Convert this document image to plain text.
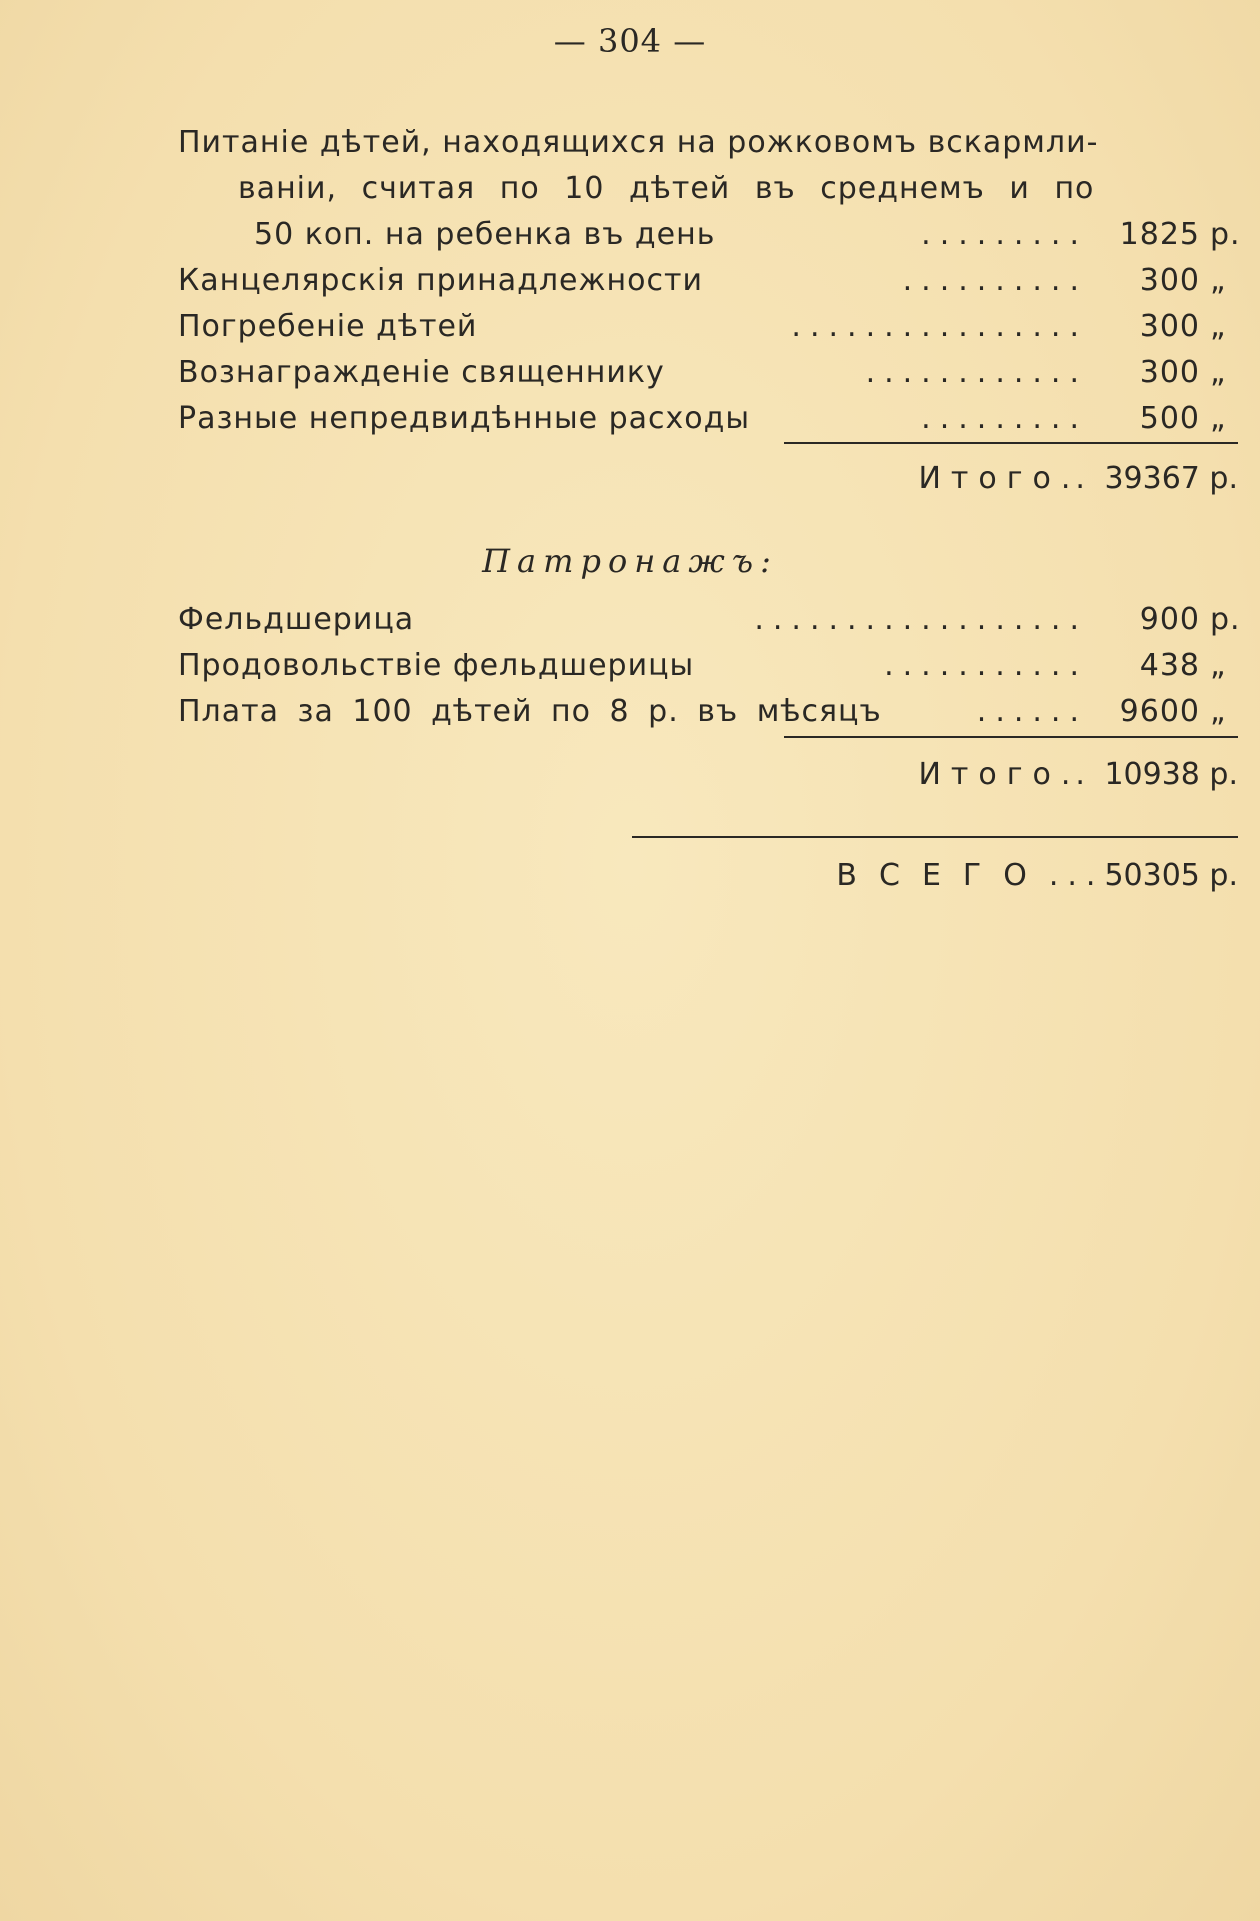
— 304 —
Питаніе дѣтей, находящихся на рожковомъ вскармли-
ваніи, считая по 10 дѣтей въ среднемъ и по
50 коп. на ребенка въ день	......... 1825 р.
Канцелярскія принадлежности	.......... 300 „
Погребеніе дѣтей	................ 300 „
Вознагражденіе священнику	............ 300 „
Разные непредвидѣнные расходы	......... 500 „
Итого.. 39367 р.
Патронажъ:
Фельдшерица	.................. 900 р.
Продовольствіе фельдшерицы	........... 438 „
Плата за 100 дѣтей по 8 р. въ мѣсяцъ	...... 9600 „
Итого.. 10938 р.
ВСЕГО...50305 р.
